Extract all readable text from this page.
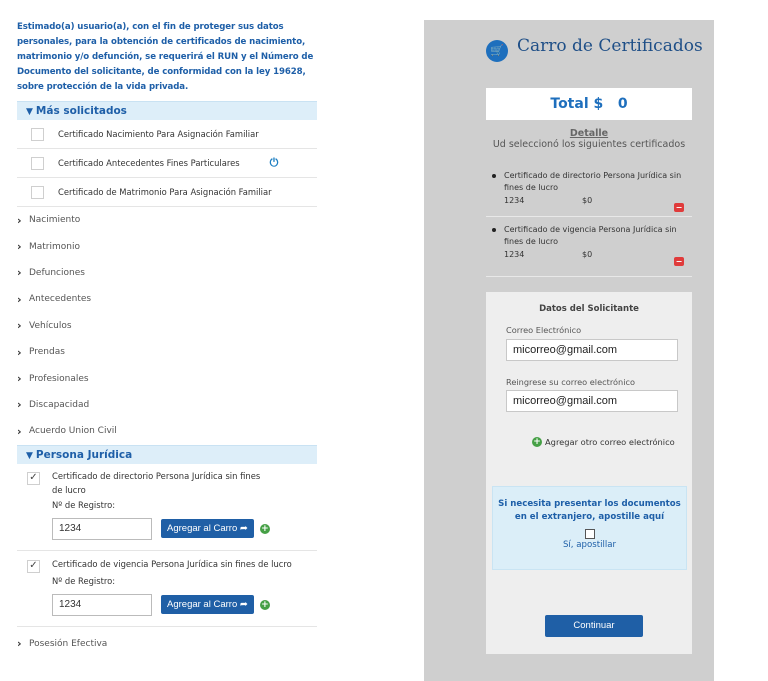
Estimado(a) usuario(a), con el fin de proteger sus datos personales, para la obtención de certificados de nacimiento, matrimonio y/o defunción, se requerirá el RUN y el Número de Documento del solicitante, de conformidad con la ley 19628, sobre protección de la vida privada.
▼ Más solicitados
Certificado Nacimiento Para Asignación Familiar
Certificado Antecedentes Fines Particulares	⏻
Certificado de Matrimonio Para Asignación Familiar
› Nacimiento
› Matrimonio
› Defunciones
› Antecedentes
› Vehículos
› Prendas
› Profesionales
› Discapacidad
› Acuerdo Union Civil
▼ Persona Jurídica
✓ Certificado de directorio Persona Jurídica sin fines de lucro
Nº de Registro:
1234	Agregar al Carro ➦	+
✓ Certificado de vigencia Persona Jurídica sin fines de lucro
Nº de Registro:
1234	Agregar al Carro ➦	+
› Posesión Efectiva
🛒 Carro de Certificados
Total $ 0
Detalle
Ud seleccionó los siguientes certificados
Certificado de directorio Persona Jurídica sin fines de lucro
1234	$0
−
Certificado de vigencia Persona Jurídica sin fines de lucro
1234	$0
−
Datos del Solicitante
Correo Electrónico
micorreo@gmail.com
Reingrese su correo electrónico
micorreo@gmail.com
+ Agregar otro correo electrónico
Si necesita presentar los documentos en el extranjero, apostille aquí
Sí, apostillar
Continuar
